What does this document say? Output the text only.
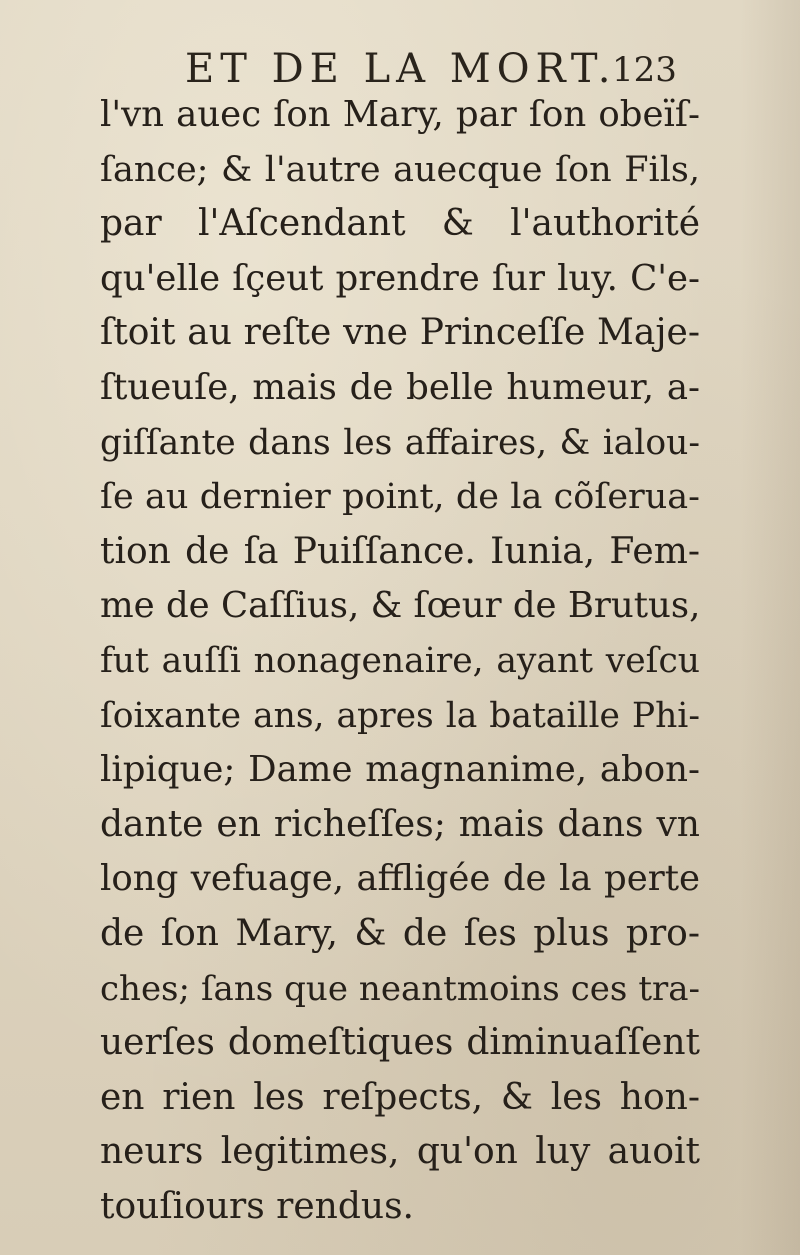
ET DE LA MORT.
123
l'vn auec ſon Mary, par ſon obeïſ-
ſance; & l'autre auecque ſon Fils,
par l'Aſcendant & l'authorité
qu'elle ſçeut prendre ſur luy. C'e-
ſtoit au reſte vne Princeſſe Maje-
ſtueuſe, mais de belle humeur, a-
giſſante dans les affaires, & ialou-
ſe au dernier point, de la cõſerua-
tion de ſa Puiſſance. Iunia, Fem-
me de Caſſius, & ſœur de Brutus,
fut auſſi nonagenaire, ayant veſcu
ſoixante ans, apres la bataille Phi-
lipique; Dame magnanime, abon-
dante en richeſſes; mais dans vn
long vefuage, affligée de la perte
de ſon Mary, & de ſes plus pro-
ches; ſans que neantmoins ces tra-
uerſes domeſtiques diminuaſſent
en rien les reſpects, & les hon-
neurs legitimes, qu'on luy auoit
touſiours rendus.
